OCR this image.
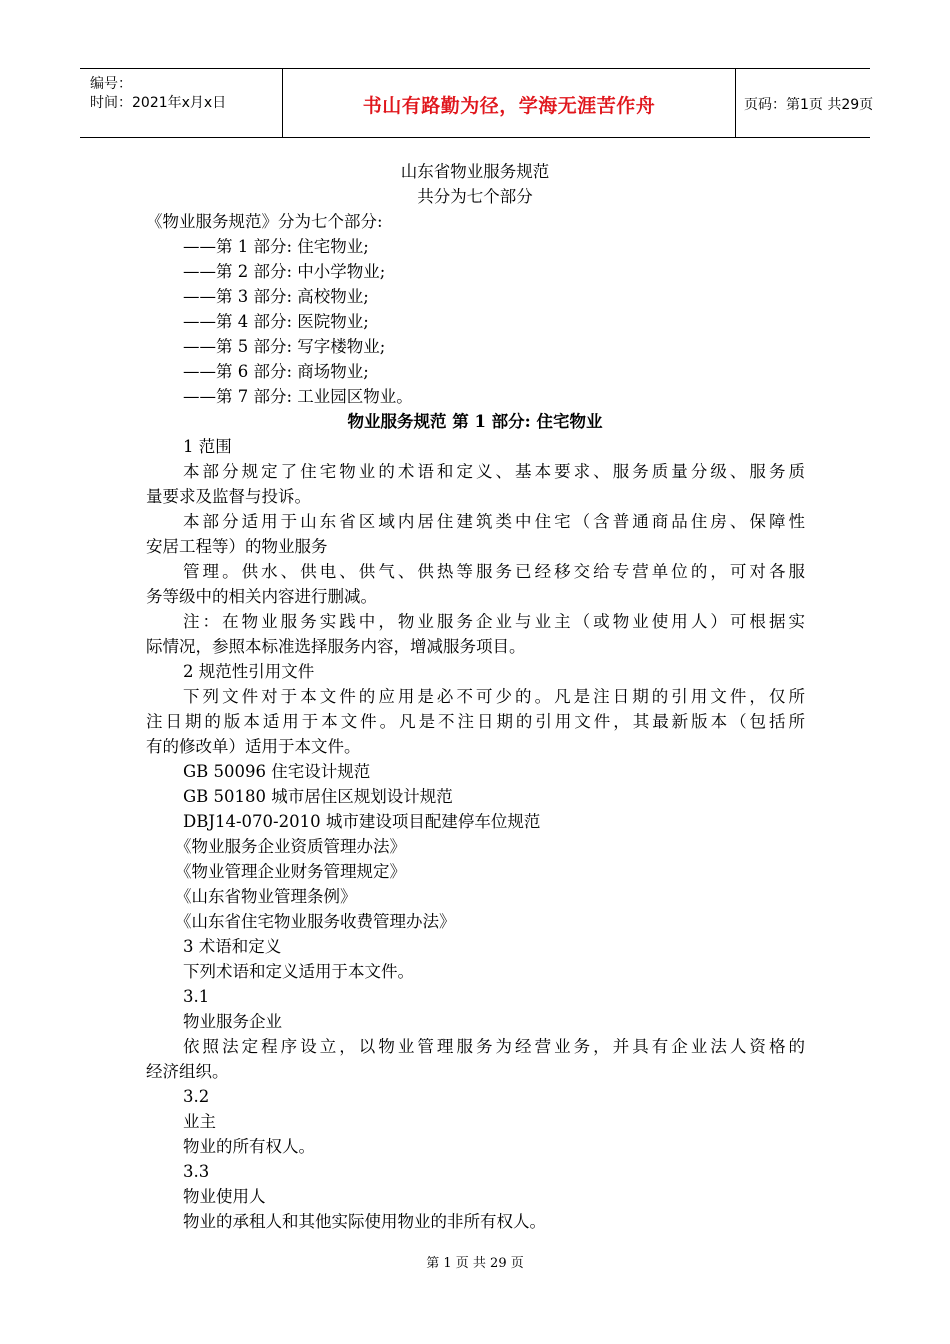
编号：
时间：2021年x月x日	书山有路勤为径，学海无涯苦作舟	页码：第1页 共29页
山东省物业服务规范
共分为七个部分
《物业服务规范》分为七个部分:
——第 1 部分: 住宅物业;
——第 2 部分: 中小学物业;
——第 3 部分: 高校物业;
——第 4 部分: 医院物业;
——第 5 部分: 写字楼物业;
——第 6 部分: 商场物业;
——第 7 部分: 工业园区物业。
物业服务规范 第 1 部分: 住宅物业
1 范围
本部分规定了住宅物业的术语和定义、基本要求、服务质量分级、服务质
量要求及监督与投诉。
本部分适用于山东省区域内居住建筑类中住宅（含普通商品住房、保障性
安居工程等）的物业服务
管理。供水、供电、供气、供热等服务已经移交给专营单位的，可对各服
务等级中的相关内容进行删减。
注：在物业服务实践中，物业服务企业与业主（或物业使用人）可根据实
际情况，参照本标准选择服务内容，增减服务项目。
2 规范性引用文件
下列文件对于本文件的应用是必不可少的。凡是注日期的引用文件，仅所
注日期的版本适用于本文件。凡是不注日期的引用文件，其最新版本（包括所
有的修改单）适用于本文件。
GB 50096 住宅设计规范
GB 50180 城市居住区规划设计规范
DBJ14-070-2010 城市建设项目配建停车位规范
《物业服务企业资质管理办法》
《物业管理企业财务管理规定》
《山东省物业管理条例》
《山东省住宅物业服务收费管理办法》
3 术语和定义
下列术语和定义适用于本文件。
3.1
物业服务企业
依照法定程序设立，以物业管理服务为经营业务，并具有企业法人资格的
经济组织。
3.2
业主
物业的所有权人。
3.3
物业使用人
物业的承租人和其他实际使用物业的非所有权人。
第 1 页 共 29 页
